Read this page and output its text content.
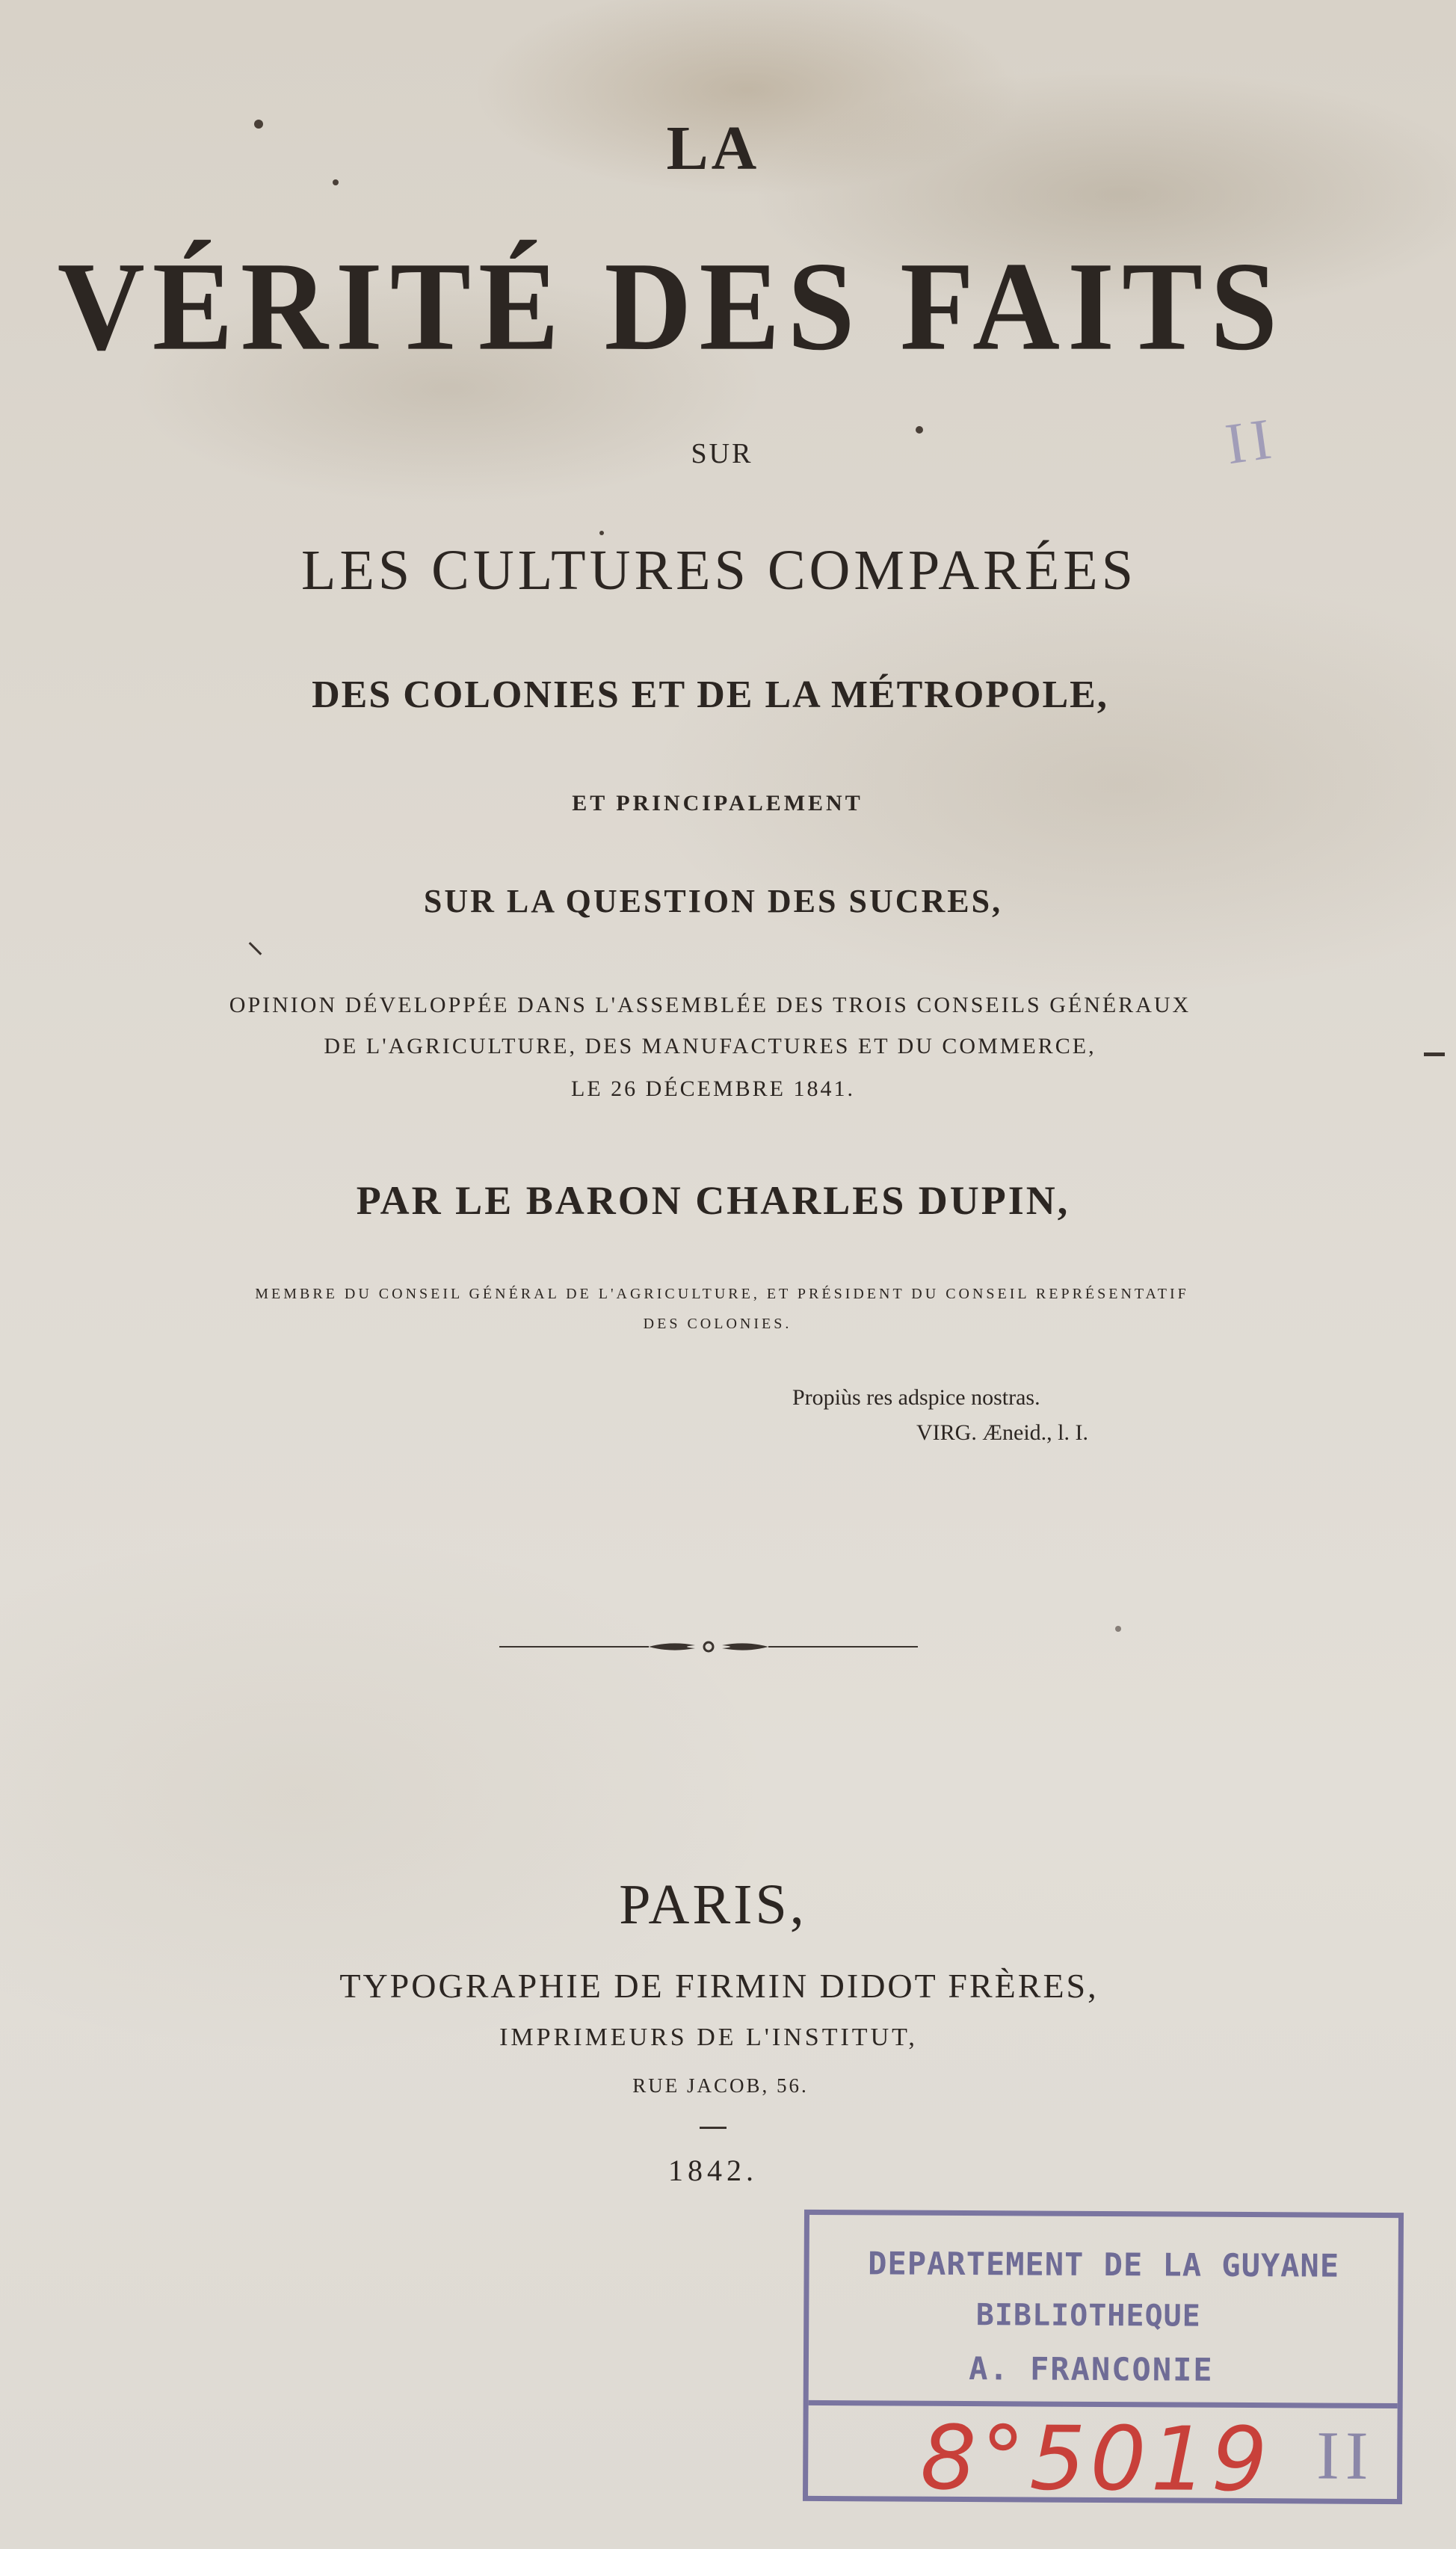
II
LA
VÉRITÉ DES FAITS
SUR
LES CULTURES COMPARÉES
DES COLONIES ET DE LA MÉTROPOLE,
ET PRINCIPALEMENT
SUR LA QUESTION DES SUCRES,
OPINION DÉVELOPPÉE DANS L'ASSEMBLÉE DES TROIS CONSEILS GÉNÉRAUX
DE L'AGRICULTURE, DES MANUFACTURES ET DU COMMERCE,
LE 26 DÉCEMBRE 1841.
PAR LE BARON CHARLES DUPIN,
MEMBRE DU CONSEIL GÉNÉRAL DE L'AGRICULTURE, ET PRÉSIDENT DU CONSEIL REPRÉSENTATIF
DES COLONIES.
Propiùs res adspice nostras.
VIRG. Æneid., l. I.
PARIS,
TYPOGRAPHIE DE FIRMIN DIDOT FRÈRES,
IMPRIMEURS DE L'INSTITUT,
RUE JACOB, 56.
1842.
DEPARTEMENT DE LA GUYANE
BIBLIOTHEQUE
A. FRANCONIE
8°5019 II
